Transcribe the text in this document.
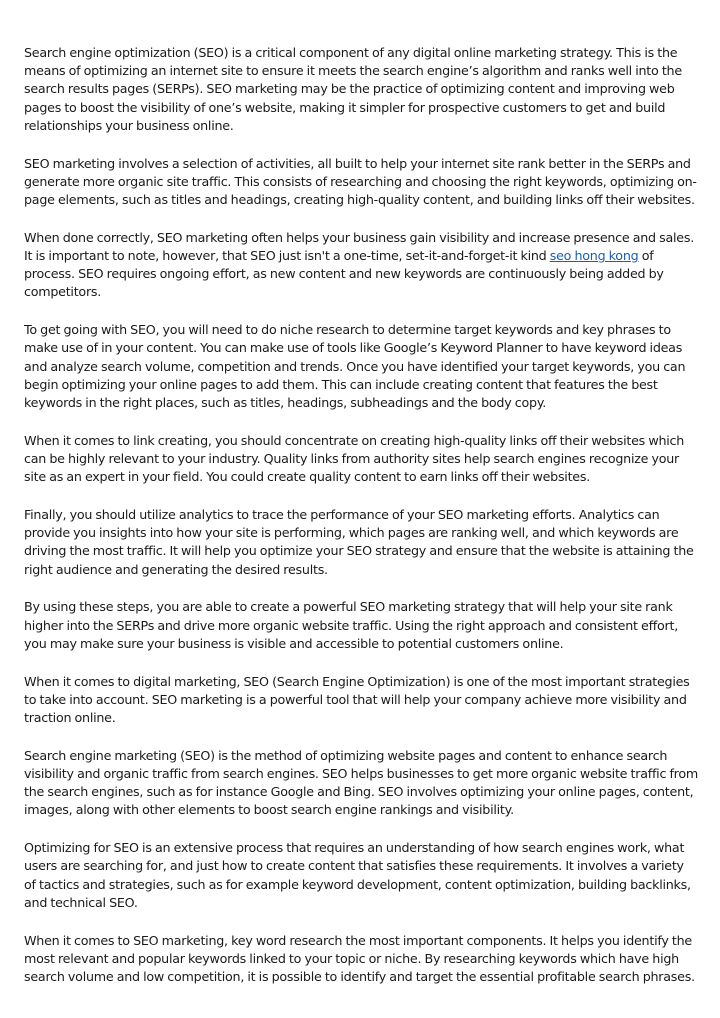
Search engine optimization (SEO) is a critical component of any digital online marketing strategy. This is the means of optimizing an internet site to ensure it meets the search engine’s algorithm and ranks well into the search results pages (SERPs). SEO marketing may be the practice of optimizing content and improving web pages to boost the visibility of one’s website, making it simpler for prospective customers to get and build relationships your business online.

SEO marketing involves a selection of activities, all built to help your internet site rank better in the SERPs and generate more organic site traffic. This consists of researching and choosing the right keywords, optimizing on-page elements, such as titles and headings, creating high-quality content, and building links off their websites.

When done correctly, SEO marketing often helps your business gain visibility and increase presence and sales. It is important to note, however, that SEO just isn't a one-time, set-it-and-forget-it kind seo hong kong of process. SEO requires ongoing effort, as new content and new keywords are continuously being added by competitors.

To get going with SEO, you will need to do niche research to determine target keywords and key phrases to make use of in your content. You can make use of tools like Google’s Keyword Planner to have keyword ideas and analyze search volume, competition and trends. Once you have identified your target keywords, you can begin optimizing your online pages to add them. This can include creating content that features the best keywords in the right places, such as titles, headings, subheadings and the body copy.

When it comes to link creating, you should concentrate on creating high-quality links off their websites which can be highly relevant to your industry. Quality links from authority sites help search engines recognize your site as an expert in your field. You could create quality content to earn links off their websites.

Finally, you should utilize analytics to trace the performance of your SEO marketing efforts. Analytics can provide you insights into how your site is performing, which pages are ranking well, and which keywords are driving the most traffic. It will help you optimize your SEO strategy and ensure that the website is attaining the right audience and generating the desired results.

By using these steps, you are able to create a powerful SEO marketing strategy that will help your site rank higher into the SERPs and drive more organic website traffic. Using the right approach and consistent effort, you may make sure your business is visible and accessible to potential customers online.

When it comes to digital marketing, SEO (Search Engine Optimization) is one of the most important strategies to take into account. SEO marketing is a powerful tool that will help your company achieve more visibility and traction online.

Search engine marketing (SEO) is the method of optimizing website pages and content to enhance search visibility and organic traffic from search engines. SEO helps businesses to get more organic website traffic from the search engines, such as for instance Google and Bing. SEO involves optimizing your online pages, content, images, along with other elements to boost search engine rankings and visibility.

Optimizing for SEO is an extensive process that requires an understanding of how search engines work, what users are searching for, and just how to create content that satisfies these requirements. It involves a variety of tactics and strategies, such as for example keyword development, content optimization, building backlinks, and technical SEO.

When it comes to SEO marketing, key word research the most important components. It helps you identify the most relevant and popular keywords linked to your topic or niche. By researching keywords which have high search volume and low competition, it is possible to identify and target the essential profitable search phrases.
